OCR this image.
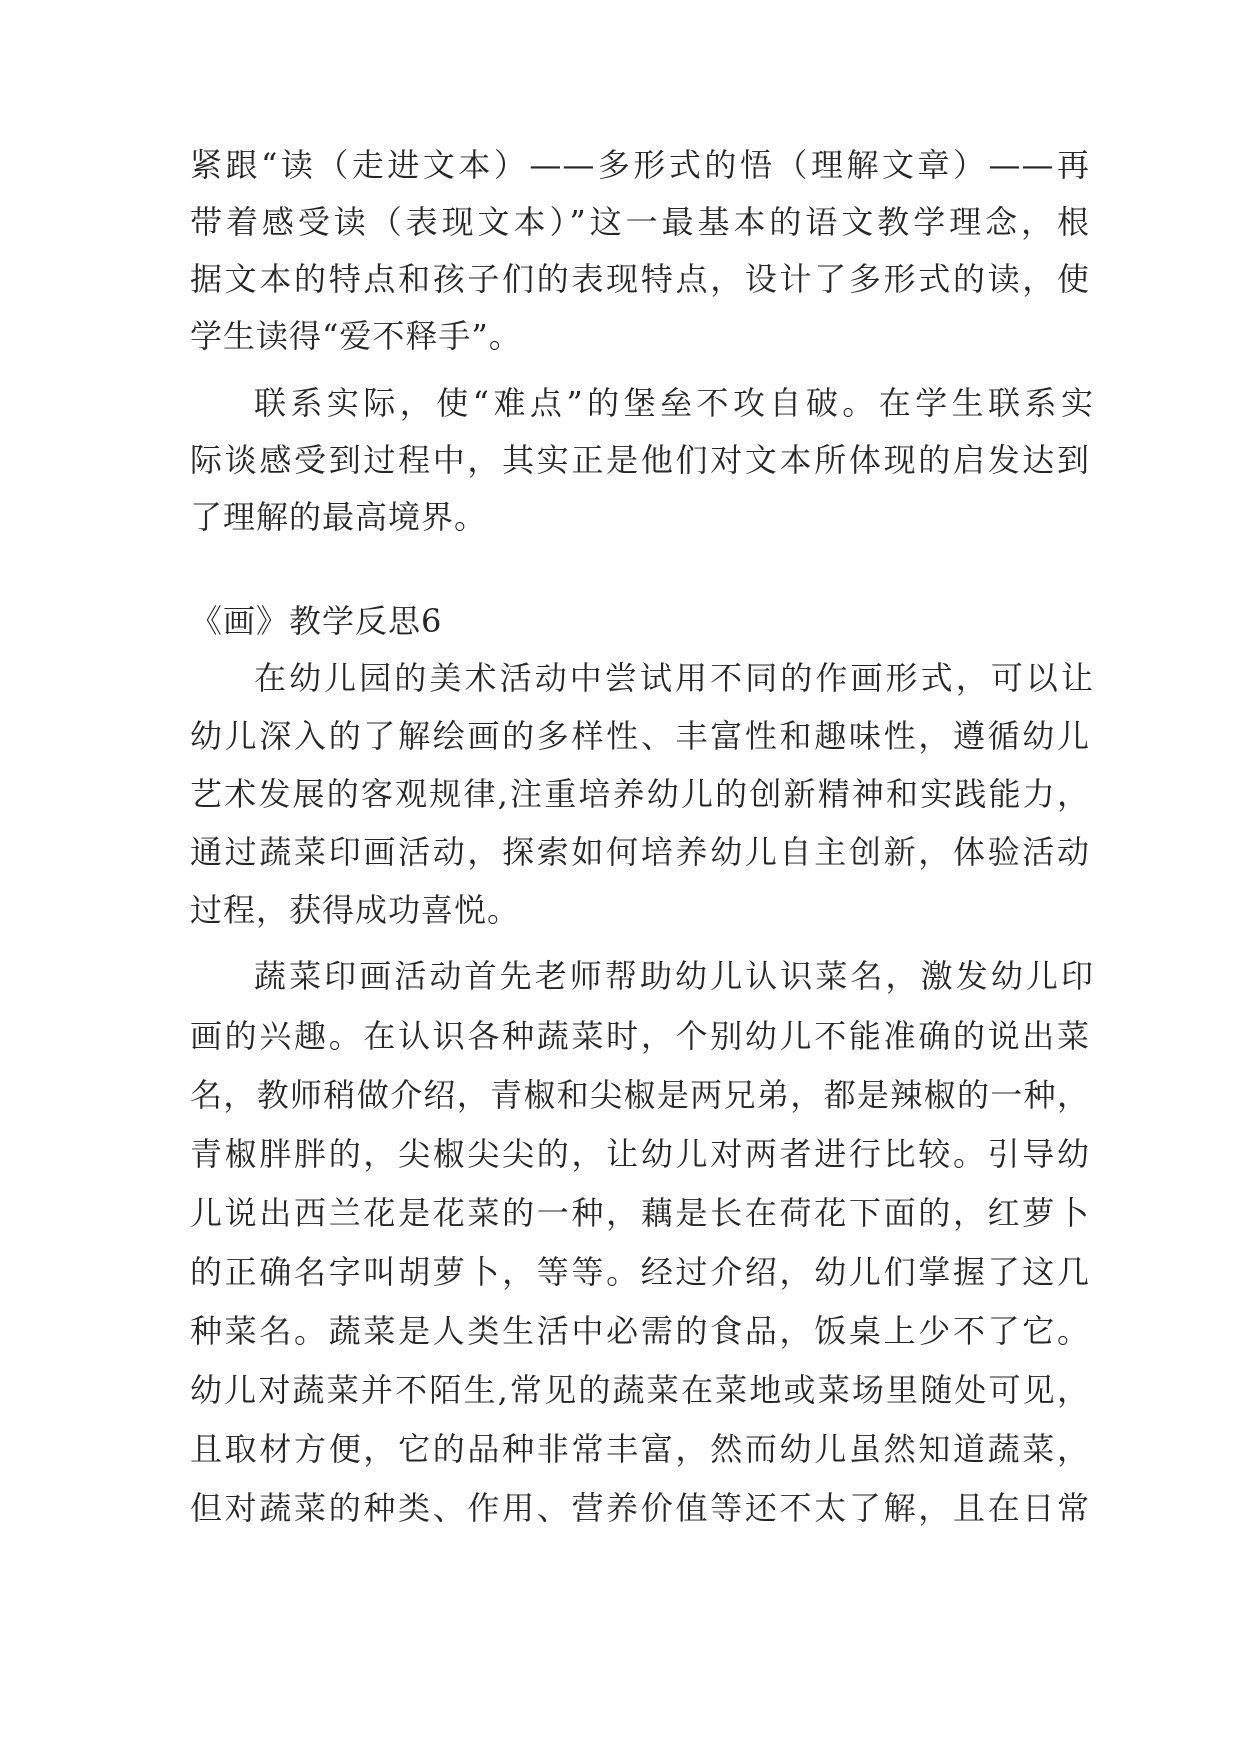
紧跟“读（走进文本）——多形式的悟（理解文章）——再
带着感受读（表现文本）”这一最基本的语文教学理念，根
据文本的特点和孩子们的表现特点，设计了多形式的读，使
学生读得“爱不释手”。
联系实际，使“难点”的堡垒不攻自破。在学生联系实
际谈感受到过程中，其实正是他们对文本所体现的启发达到
了理解的最高境界。
《画》教学反思6
在幼儿园的美术活动中尝试用不同的作画形式，可以让
幼儿深入的了解绘画的多样性、丰富性和趣味性，遵循幼儿
艺术发展的客观规律,注重培养幼儿的创新精神和实践能力，
通过蔬菜印画活动，探索如何培养幼儿自主创新，体验活动
过程，获得成功喜悦。
蔬菜印画活动首先老师帮助幼儿认识菜名，激发幼儿印
画的兴趣。在认识各种蔬菜时，个别幼儿不能准确的说出菜
名，教师稍做介绍，青椒和尖椒是两兄弟，都是辣椒的一种，
青椒胖胖的，尖椒尖尖的，让幼儿对两者进行比较。引导幼
儿说出西兰花是花菜的一种，藕是长在荷花下面的，红萝卜
的正确名字叫胡萝卜，等等。经过介绍，幼儿们掌握了这几
种菜名。蔬菜是人类生活中必需的食品，饭桌上少不了它。
幼儿对蔬菜并不陌生,常见的蔬菜在菜地或菜场里随处可见，
且取材方便，它的品种非常丰富，然而幼儿虽然知道蔬菜，
但对蔬菜的种类、作用、营养价值等还不太了解，且在日常
